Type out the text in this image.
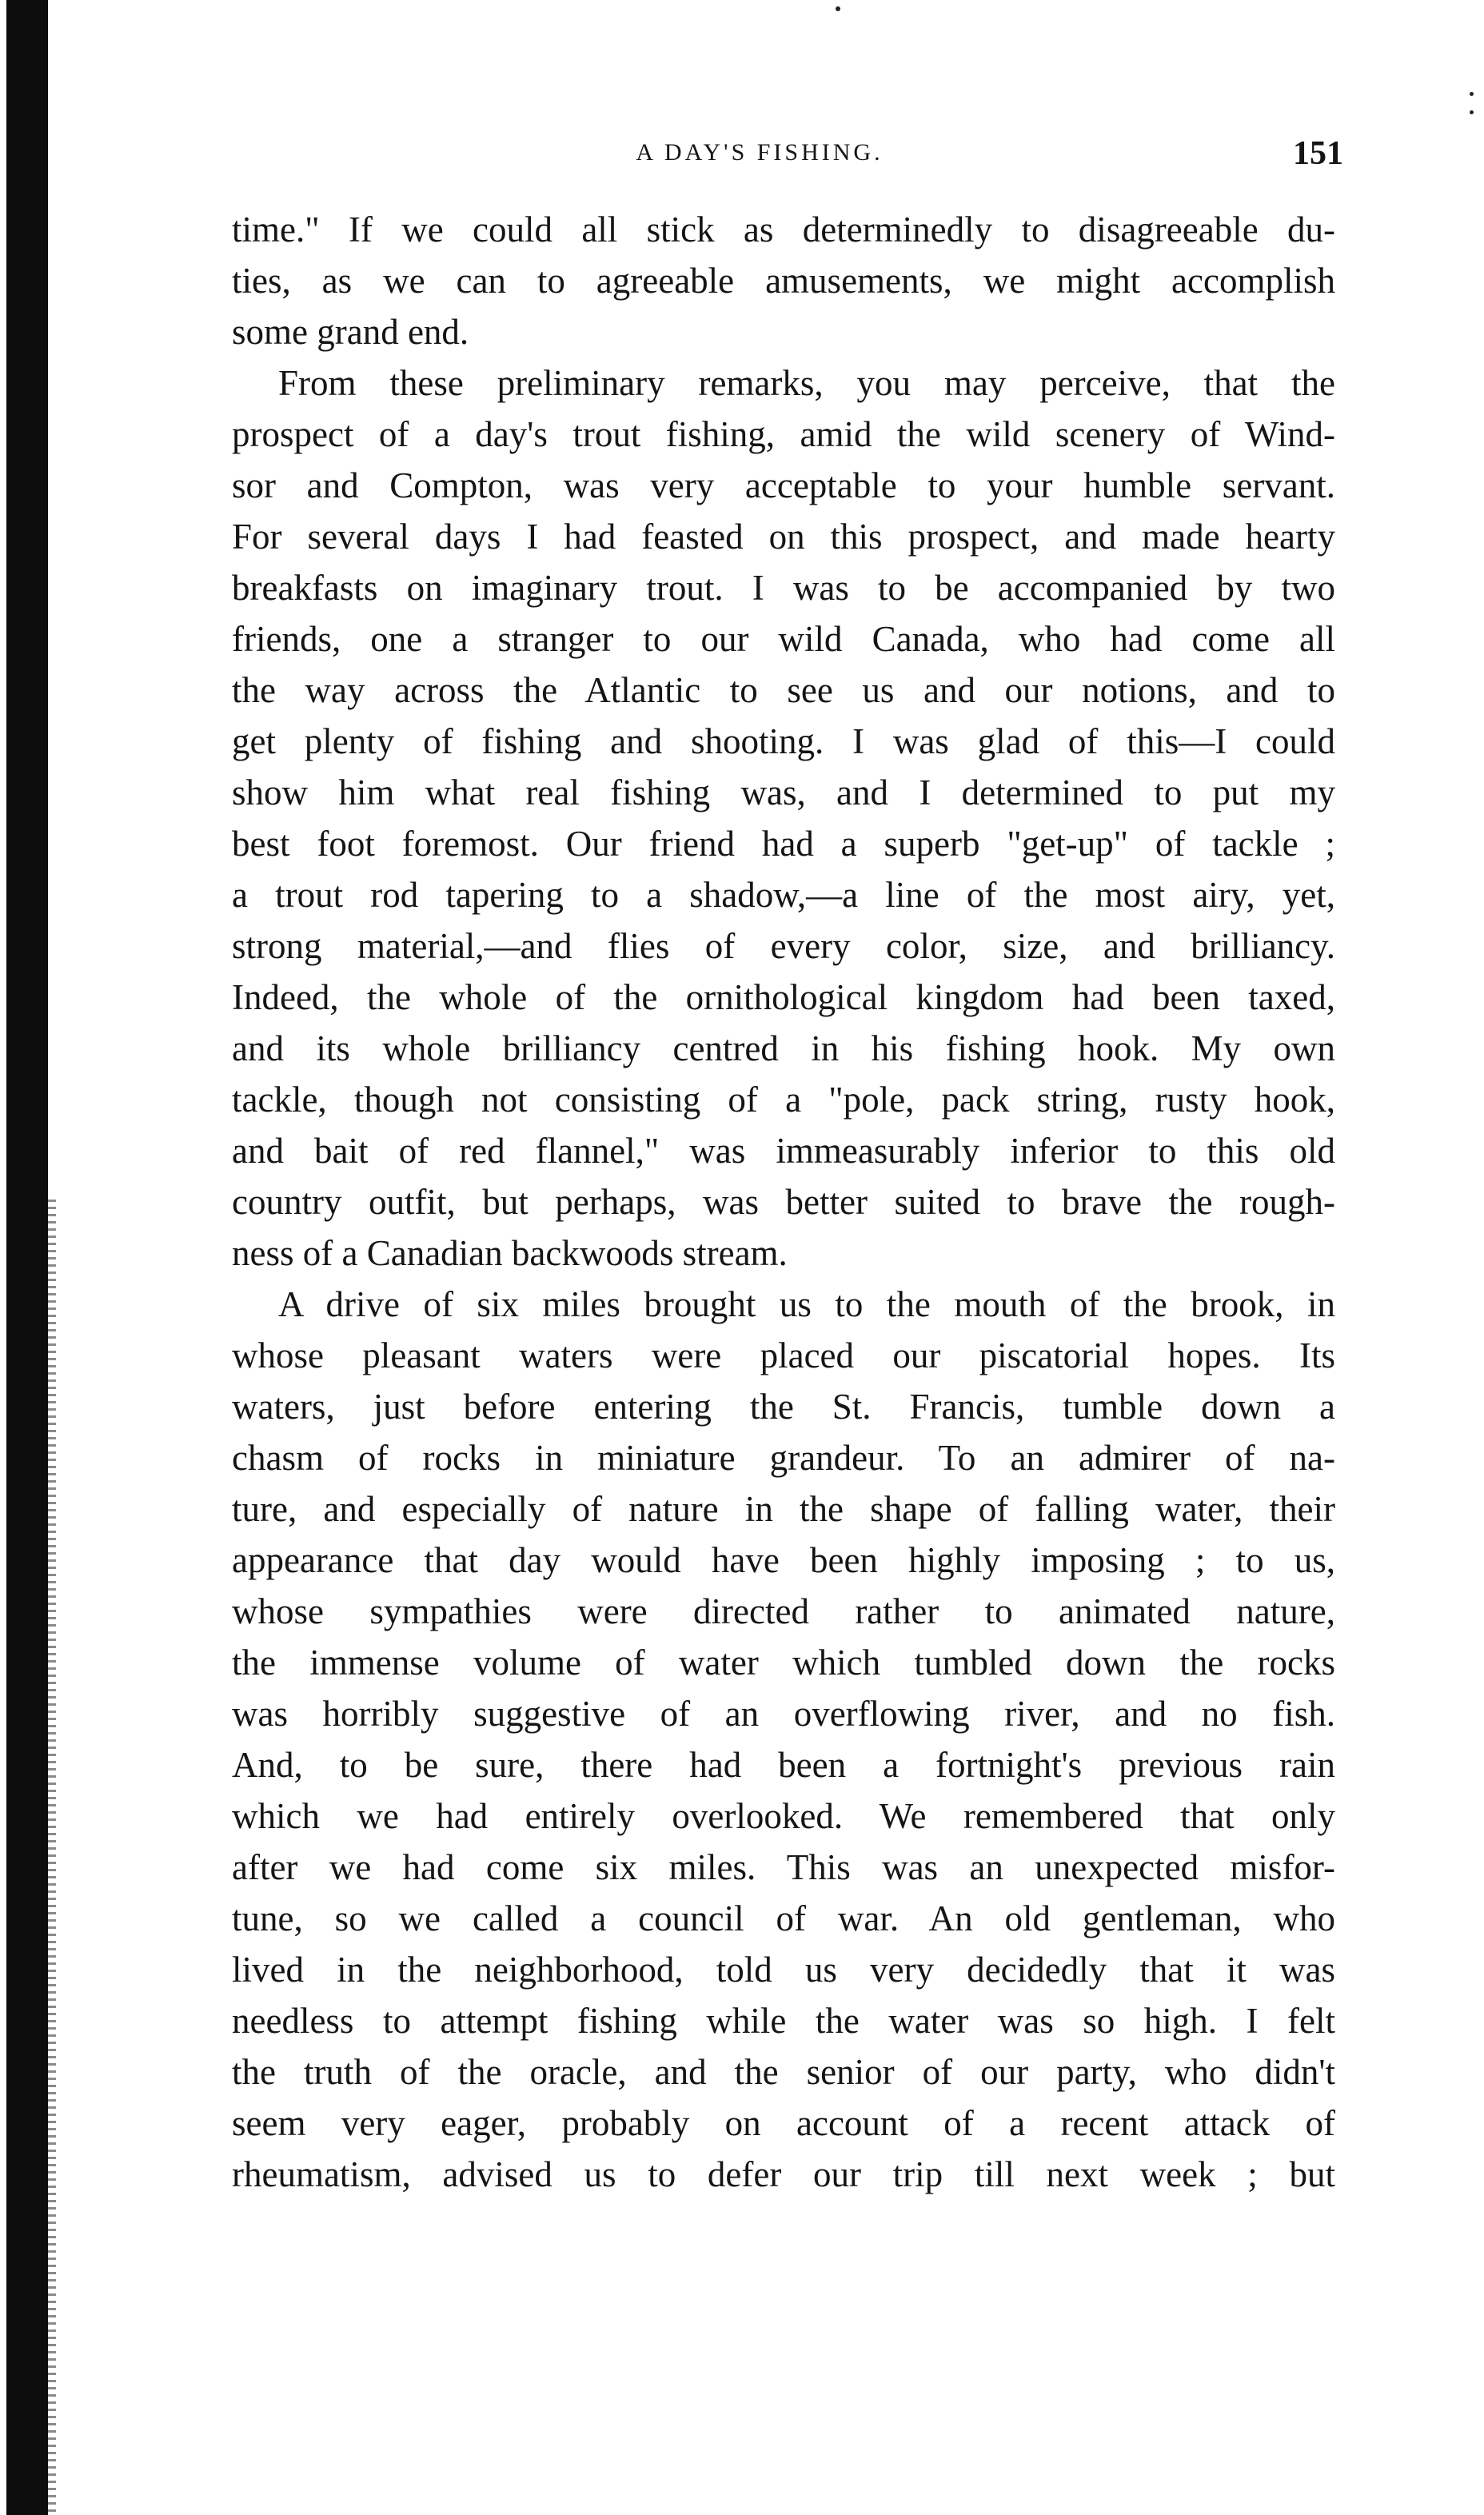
A DAY'S FISHING.	151
time." If we could all stick as determinedly to disagreeable du-
ties, as we can to agreeable amusements, we might accomplish
some grand end.
From these preliminary remarks, you may perceive, that the
prospect of a day's trout fishing, amid the wild scenery of Wind-
sor and Compton, was very acceptable to your humble servant.
For several days I had feasted on this prospect, and made hearty
breakfasts on imaginary trout. I was to be accompanied by two
friends, one a stranger to our wild Canada, who had come all
the way across the Atlantic to see us and our notions, and to
get plenty of fishing and shooting. I was glad of this—I could
show him what real fishing was, and I determined to put my
best foot foremost. Our friend had a superb "get-up" of tackle ;
a trout rod tapering to a shadow,—a line of the most airy, yet,
strong material,—and flies of every color, size, and brilliancy.
Indeed, the whole of the ornithological kingdom had been taxed,
and its whole brilliancy centred in his fishing hook. My own
tackle, though not consisting of a "pole, pack string, rusty hook,
and bait of red flannel," was immeasurably inferior to this old
country outfit, but perhaps, was better suited to brave the rough-
ness of a Canadian backwoods stream.
A drive of six miles brought us to the mouth of the brook, in
whose pleasant waters were placed our piscatorial hopes. Its
waters, just before entering the St. Francis, tumble down a
chasm of rocks in miniature grandeur. To an admirer of na-
ture, and especially of nature in the shape of falling water, their
appearance that day would have been highly imposing ; to us,
whose sympathies were directed rather to animated nature,
the immense volume of water which tumbled down the rocks
was horribly suggestive of an overflowing river, and no fish.
And, to be sure, there had been a fortnight's previous rain
which we had entirely overlooked. We remembered that only
after we had come six miles. This was an unexpected misfor-
tune, so we called a council of war. An old gentleman, who
lived in the neighborhood, told us very decidedly that it was
needless to attempt fishing while the water was so high. I felt
the truth of the oracle, and the senior of our party, who didn't
seem very eager, probably on account of a recent attack of
rheumatism, advised us to defer our trip till next week ; but
